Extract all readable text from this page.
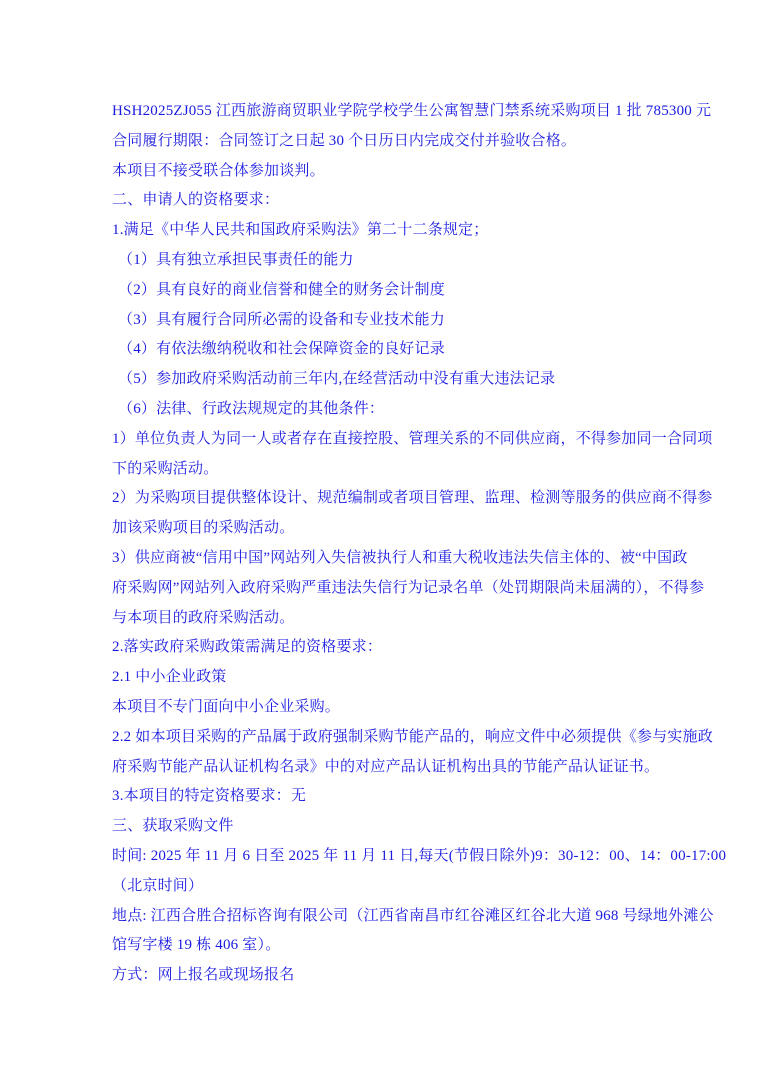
HSH2025ZJ055 江西旅游商贸职业学院学校学生公寓智慧门禁系统采购项目 1 批 785300 元
合同履行期限：合同签订之日起 30 个日历日内完成交付并验收合格。
本项目不接受联合体参加谈判。
二、申请人的资格要求：
1.满足《中华人民共和国政府采购法》第二十二条规定；
（1）具有独立承担民事责任的能力
（2）具有良好的商业信誉和健全的财务会计制度
（3）具有履行合同所必需的设备和专业技术能力
（4）有依法缴纳税收和社会保障资金的良好记录
（5）参加政府采购活动前三年内,在经营活动中没有重大违法记录
（6）法律、行政法规规定的其他条件：
1）单位负责人为同一人或者存在直接控股、管理关系的不同供应商，不得参加同一合同项
下的采购活动。
2）为采购项目提供整体设计、规范编制或者项目管理、监理、检测等服务的供应商不得参
加该采购项目的采购活动。
3）供应商被“信用中国”网站列入失信被执行人和重大税收违法失信主体的、被“中国政
府采购网”网站列入政府采购严重违法失信行为记录名单（处罚期限尚未届满的），不得参
与本项目的政府采购活动。
2.落实政府采购政策需满足的资格要求：
2.1 中小企业政策
本项目不专门面向中小企业采购。
2.2 如本项目采购的产品属于政府强制采购节能产品的，响应文件中必须提供《参与实施政
府采购节能产品认证机构名录》中的对应产品认证机构出具的节能产品认证证书。
3.本项目的特定资格要求：无
三、获取采购文件
时间: 2025 年 11 月 6 日至 2025 年 11 月 11 日,每天(节假日除外)9：30-12：00、14：00-17:00
（北京时间）
地点: 江西合胜合招标咨询有限公司（江西省南昌市红谷滩区红谷北大道 968 号绿地外滩公
馆写字楼 19 栋 406 室）。
方式：网上报名或现场报名
